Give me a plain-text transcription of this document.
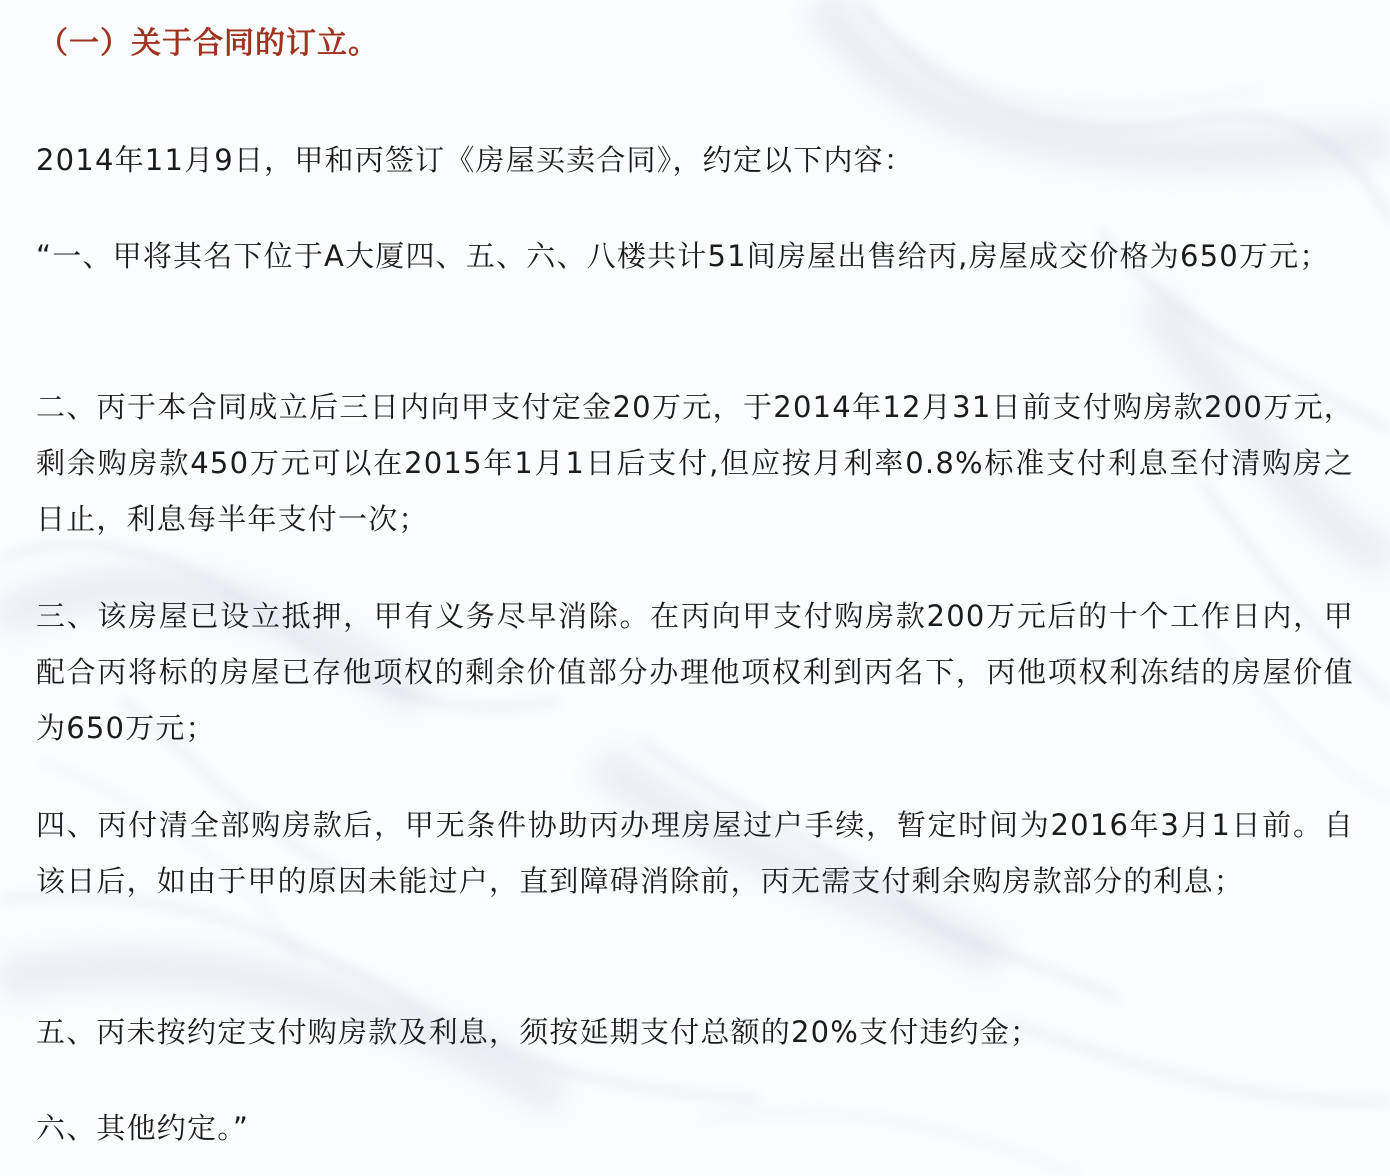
（一）关于合同的订立。

2014年11月9日，甲和丙签订《房屋买卖合同》，约定以下内容：

“一、甲将其名下位于A大厦四、五、六、八楼共计51间房屋出售给丙,房屋成交价格为650万元；

二、丙于本合同成立后三日内向甲支付定金20万元，于2014年12月31日前支付购房款200万元，剩余购房款450万元可以在2015年1月1日后支付,但应按月利率0.8%标准支付利息至付清购房之日止，利息每半年支付一次；

三、该房屋已设立抵押，甲有义务尽早消除。在丙向甲支付购房款200万元后的十个工作日内，甲配合丙将标的房屋已存他项权的剩余价值部分办理他项权利到丙名下，丙他项权利冻结的房屋价值为650万元；

四、丙付清全部购房款后，甲无条件协助丙办理房屋过户手续，暂定时间为2016年3月1日前。自该日后，如由于甲的原因未能过户，直到障碍消除前，丙无需支付剩余购房款部分的利息；

五、丙未按约定支付购房款及利息，须按延期支付总额的20%支付违约金；

六、其他约定。”
